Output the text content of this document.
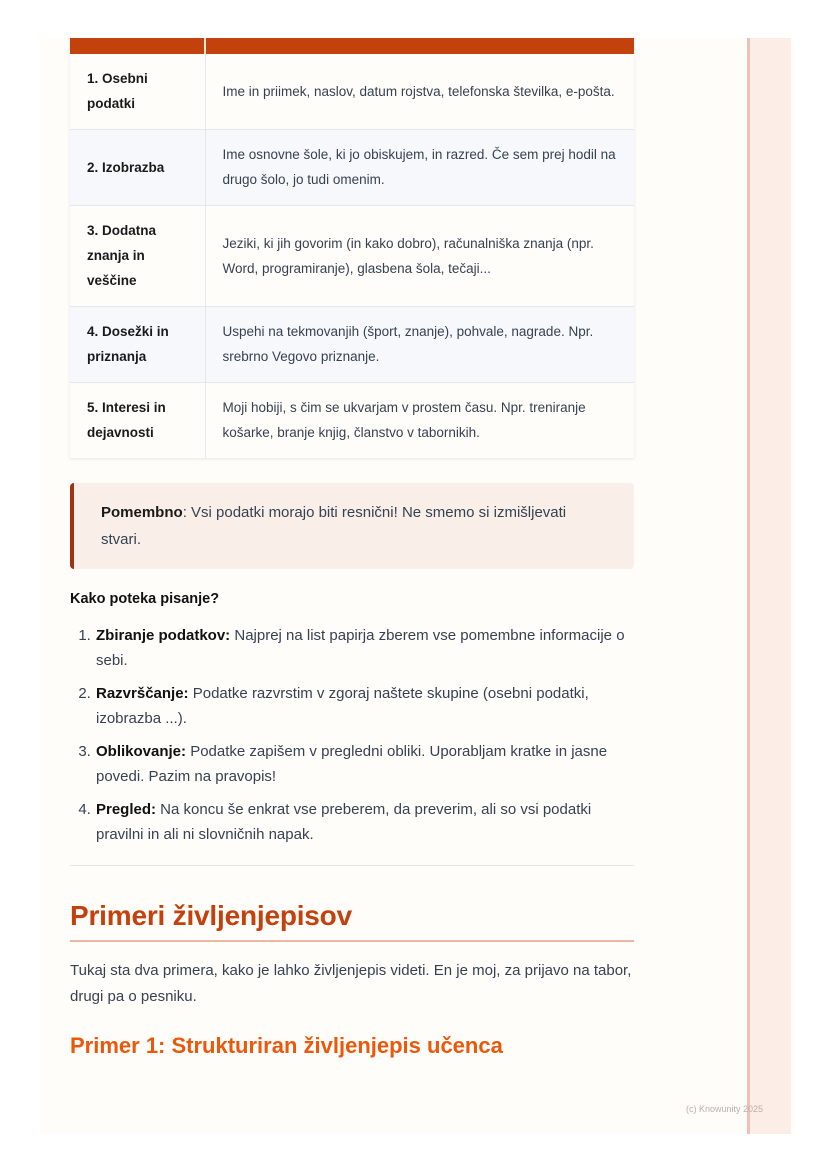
1. Osebni podatki	Ime in priimek, naslov, datum rojstva, telefonska številka, e-pošta.
2. Izobrazba	Ime osnovne šole, ki jo obiskujem, in razred. Če sem prej hodil na drugo šolo, jo tudi omenim.
3. Dodatna znanja in veščine	Jeziki, ki jih govorim (in kako dobro), računalniška znanja (npr. Word, programiranje), glasbena šola, tečaji...
4. Dosežki in priznanja	Uspehi na tekmovanjih (šport, znanje), pohvale, nagrade. Npr. srebrno Vegovo priznanje.
5. Interesi in dejavnosti	Moji hobiji, s čim se ukvarjam v prostem času. Npr. treniranje košarke, branje knjig, članstvo v tabornikih.
Pomembno: Vsi podatki morajo biti resnični! Ne smemo si izmišljevati stvari.
Kako poteka pisanje?
1. Zbiranje podatkov: Najprej na list papirja zberem vse pomembne informacije o sebi.
2. Razvrščanje: Podatke razvrstim v zgoraj naštete skupine (osebni podatki, izobrazba ...).
3. Oblikovanje: Podatke zapišem v pregledni obliki. Uporabljam kratke in jasne povedi. Pazim na pravopis!
4. Pregled: Na koncu še enkrat vse preberem, da preverim, ali so vsi podatki pravilni in ali ni slovničnih napak.
Primeri življenjepisov

Tukaj sta dva primera, kako je lahko življenjepis videti. En je moj, za prijavo na tabor, drugi pa o pesniku.

Primer 1: Strukturiran življenjepis učenca
(c) Knowunity 2025
